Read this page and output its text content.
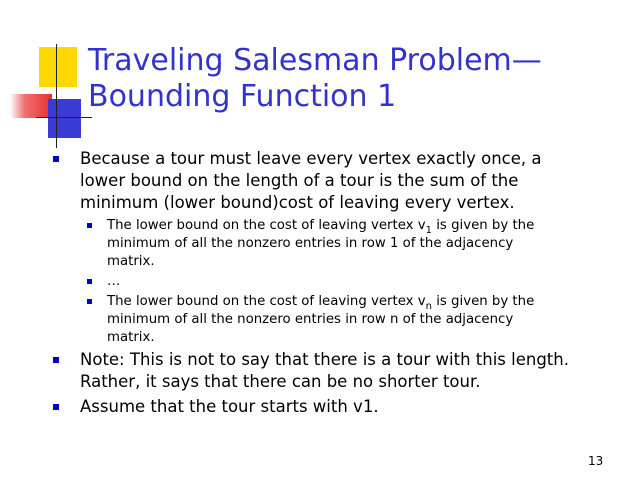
Traveling Salesman Problem—
Bounding Function 1
Because a tour must leave every vertex exactly once, a lower bound on the length of a tour is the sum of the minimum (lower bound)cost of leaving every vertex.
The lower bound on the cost of leaving vertex $v_1$ is given by the minimum of all the nonzero entries in row 1 of the adjacency matrix.
…
The lower bound on the cost of leaving vertex $v_n$ is given by the minimum of all the nonzero entries in row n of the adjacency matrix.
Note: This is not to say that there is a tour with this length. Rather, it says that there can be no shorter tour.
Assume that the tour starts with v1.
13
